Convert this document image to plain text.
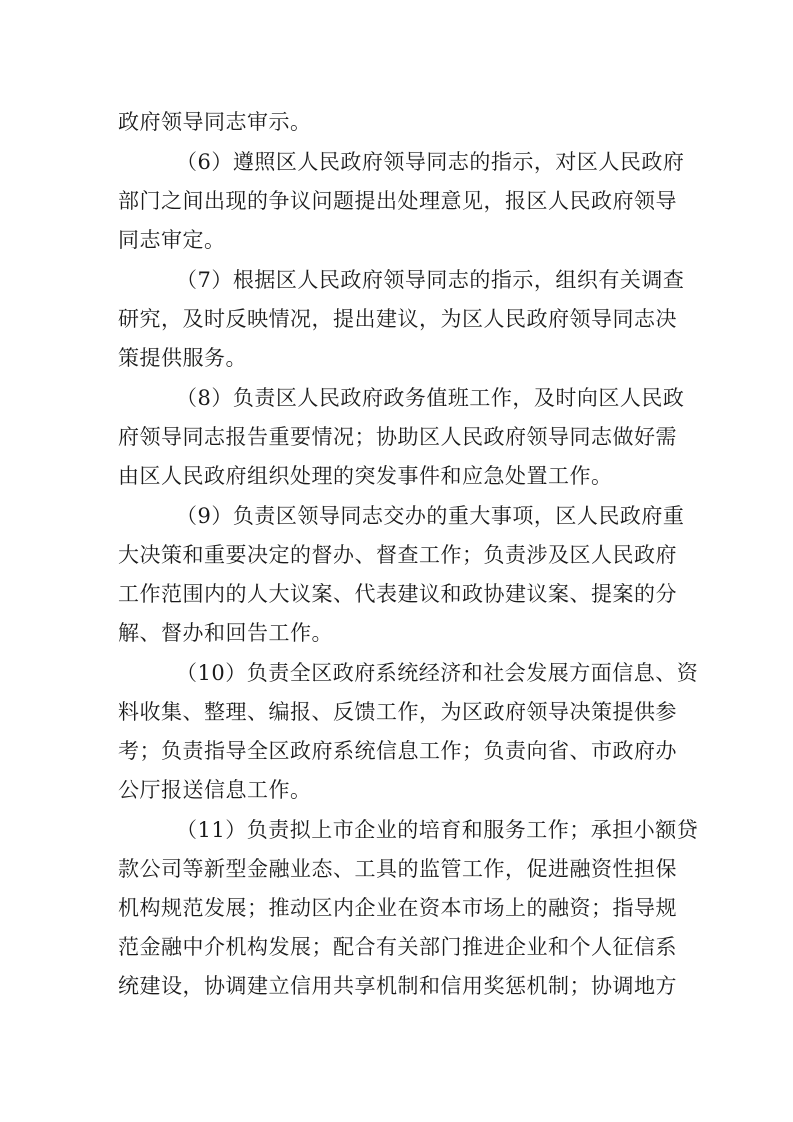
政府领导同志审示。
（6）遵照区人民政府领导同志的指示，对区人民政府
部门之间出现的争议问题提出处理意见，报区人民政府领导
同志审定。
（7）根据区人民政府领导同志的指示，组织有关调查
研究，及时反映情况，提出建议，为区人民政府领导同志决
策提供服务。
（8）负责区人民政府政务值班工作，及时向区人民政
府领导同志报告重要情况；协助区人民政府领导同志做好需
由区人民政府组织处理的突发事件和应急处置工作。
（9）负责区领导同志交办的重大事项，区人民政府重
大决策和重要决定的督办、督查工作；负责涉及区人民政府
工作范围内的人大议案、代表建议和政协建议案、提案的分
解、督办和回告工作。
（10）负责全区政府系统经济和社会发展方面信息、资
料收集、整理、编报、反馈工作，为区政府领导决策提供参
考；负责指导全区政府系统信息工作；负责向省、市政府办
公厅报送信息工作。
（11）负责拟上市企业的培育和服务工作；承担小额贷
款公司等新型金融业态、工具的监管工作，促进融资性担保
机构规范发展；推动区内企业在资本市场上的融资；指导规
范金融中介机构发展；配合有关部门推进企业和个人征信系
统建设，协调建立信用共享机制和信用奖惩机制；协调地方
